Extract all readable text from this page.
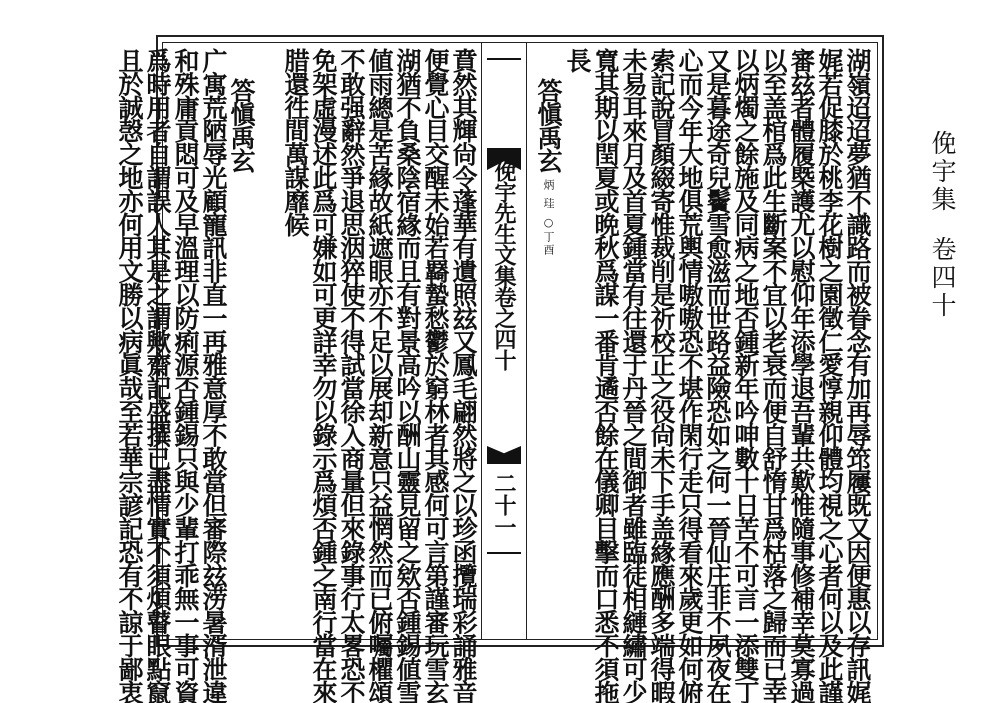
俛宇集卷四十
湖嶺迢迢夢猶不識路而被眷念有加再辱筇屨既又因便惠以存訊娓
娓若促膝於桃李花樹之園徵仁愛惇親仰體均視之心者何以及此謹
審玆者體履槩護尤以慰仰年添學退吾輩共歎惟隨事修補幸莫寡過
以至盖棺爲此生斷案不宜以老衰而便自舒惰甘爲枯落之歸而已幸
以炳燭之餘施及同病之地否鍾新年吟呻數十日苦不可言一添雙丁
又是暮途奇兒鬢雪愈滋而世路益險恐如之何一晉仙庄非不夙夜在
心而今年大地俱荒輿情嗷嗷恐不堪作閑行走只得看來歲更如何俯
索記說冒顏綴寄惟裁削是祈校正之役尙未下手盖緣應酬多端得暇
未易耳來月及首夏鍾當有往還于丹晉之間御者雖臨徒相縺繡可少
寬其期以閏夏或晩秋爲謀一番肯遹否餘在儀卿目擊而口悉不須拖
長
答愼禹玄 炳 珪 ○丁酉
俛宇先生文集卷之四十
二十一
賁然其輝尙令蓬華有遺照玆又鳳毛翩然將之以珍函攬瑞彩誦雅音
便覺心目交醒未始若羇蟄愁鬱於窮林者其感何可言第謹審玩雪玄
湖猶不負桑陰宿緣而且有對景高吟以酬山靈見留之欸否鍾錫値雪
値雨總是苦緣故紙遮眼亦不足以展却新意只益惘然而已俯囑欋頌
不敢强辭然爭退思洇猝使不得試當徐入商量但來錄事行太畧恐不
免架虛漫述此爲可嫌如可更詳幸勿以錄示爲煩否鍾之南行當在來
腊還徃間萬謀靡候
答愼禹玄
广寓荒陋辱光顧寵訊非直一再雅意厚不敢當但審際玆涝暑湑泄違
和殊庸貢悶可及早溫理以防痢源否鍾錫只與少輩打乖無一事可資
爲時用者自謂誤人其是之謂歟齋記盛撰已盡情實不須煩瞽眼點竄
且於誠愨之地亦何用文勝以病眞哉至若華宗諺記恐有不諒于鄙衷
